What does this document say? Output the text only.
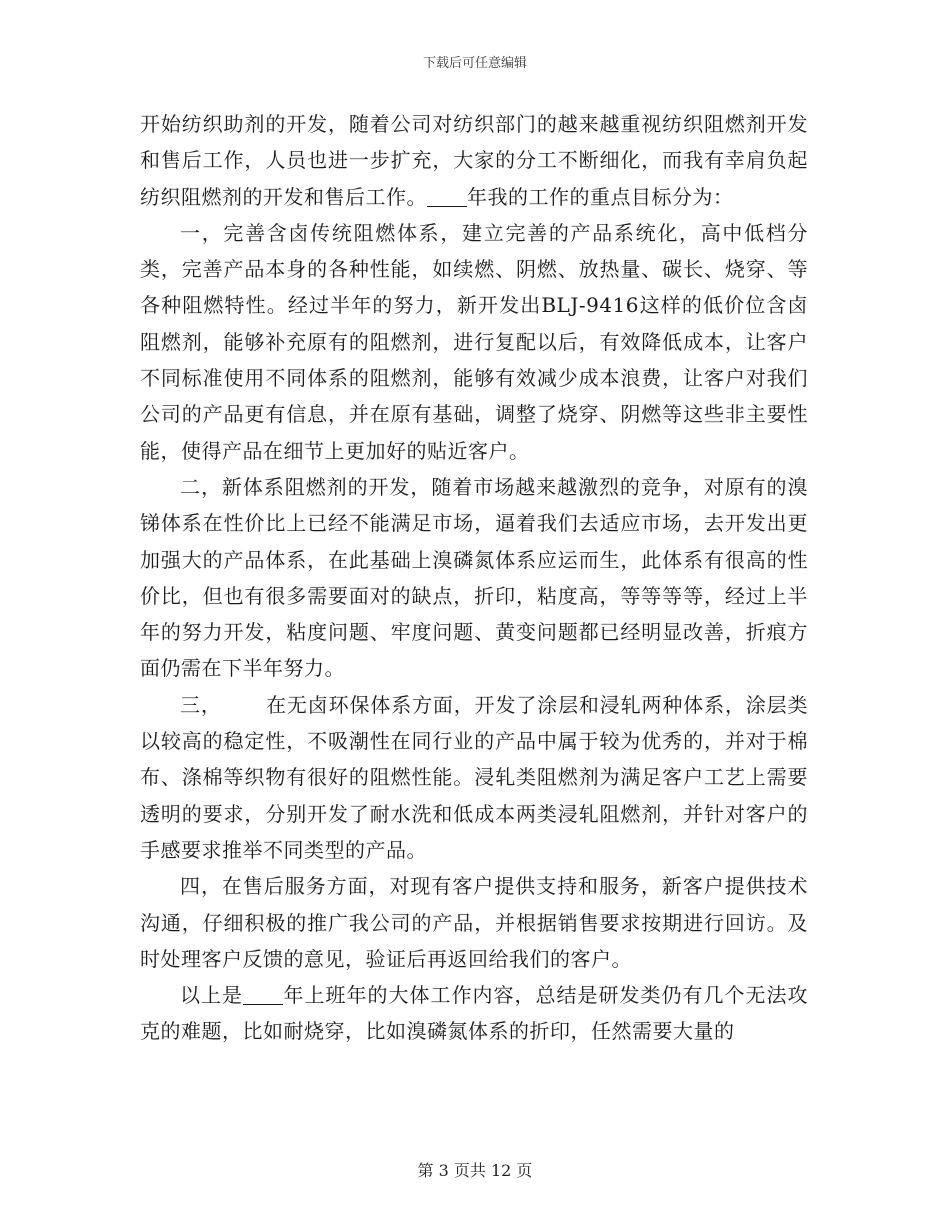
下载后可任意编辑

开始纺织助剂的开发，随着公司对纺织部门的越来越重视纺织阻燃剂开发和售后工作，人员也进一步扩充，大家的分工不断细化，而我有幸肩负起纺织阻燃剂的开发和售后工作。 年我的工作的重点目标分为：

一，完善含卤传统阻燃体系，建立完善的产品系统化，高中低档分类，完善产品本身的各种性能，如续燃、阴燃、放热量、碳长、烧穿、等各种阻燃特性。经过半年的努力，新开发出BLJ-9416这样的低价位含卤阻燃剂，能够补充原有的阻燃剂，进行复配以后，有效降低成本，让客户不同标准使用不同体系的阻燃剂，能够有效减少成本浪费，让客户对我们公司的产品更有信息，并在原有基础，调整了烧穿、阴燃等这些非主要性能，使得产品在细节上更加好的贴近客户。

二，新体系阻燃剂的开发，随着市场越来越激烈的竞争，对原有的溴锑体系在性价比上已经不能满足市场，逼着我们去适应市场，去开发出更加强大的产品体系，在此基础上溴磷氮体系应运而生，此体系有很高的性价比，但也有很多需要面对的缺点，折印，粘度高，等等等等，经过上半年的努力开发，粘度问题、牢度问题、黄变问题都已经明显改善，折痕方面仍需在下半年努力。

三， 在无卤环保体系方面，开发了涂层和浸轧两种体系，涂层类以较高的稳定性，不吸潮性在同行业的产品中属于较为优秀的，并对于棉布、涤棉等织物有很好的阻燃性能。浸轧类阻燃剂为满足客户工艺上需要透明的要求，分别开发了耐水洗和低成本两类浸轧阻燃剂，并针对客户的手感要求推举不同类型的产品。

四，在售后服务方面，对现有客户提供支持和服务，新客户提供技术沟通，仔细积极的推广我公司的产品，并根据销售要求按期进行回访。及时处理客户反馈的意见，验证后再返回给我们的客户。

以上是 年上班年的大体工作内容，总结是研发类仍有几个无法攻克的难题，比如耐烧穿，比如溴磷氮体系的折印，任然需要大量的

第 3 页共 12 页
